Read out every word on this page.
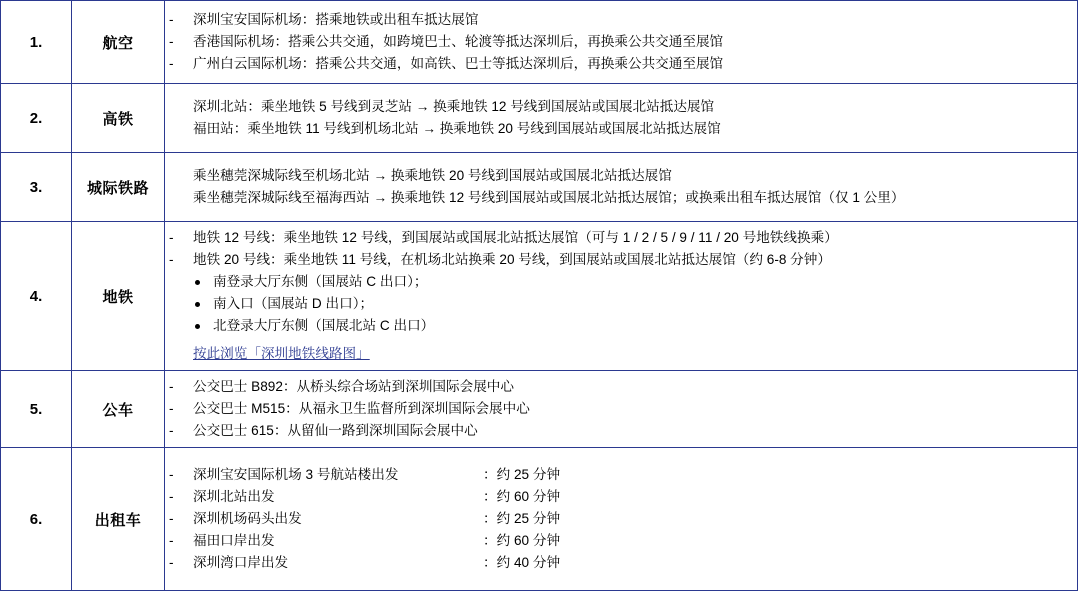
1.	航空	
- 深圳宝安国际机场：搭乘地铁或出租车抵达展馆
- 香港国际机场：搭乘公共交通，如跨境巴士、轮渡等抵达深圳后，再换乘公共交通至展馆
- 广州白云国际机场：搭乘公共交通，如高铁、巴士等抵达深圳后，再换乘公共交通至展馆

2.	高铁	
深圳北站：乘坐地铁 5 号线到灵芝站 → 换乘地铁 12 号线到国展站或国展北站抵达展馆
福田站：乘坐地铁 11 号线到机场北站 → 换乘地铁 20 号线到国展站或国展北站抵达展馆

3.	城际铁路	
乘坐穗莞深城际线至机场北站 → 换乘地铁 20 号线到国展站或国展北站抵达展馆
乘坐穗莞深城际线至福海西站 → 换乘地铁 12 号线到国展站或国展北站抵达展馆；或换乘出租车抵达展馆（仅 1 公里）

4.	地铁	
- 地铁 12 号线：乘坐地铁 12 号线，到国展站或国展北站抵达展馆（可与 1 / 2 / 5 / 9 / 11 / 20 号地铁线换乘）
- 地铁 20 号线：乘坐地铁 11 号线，在机场北站换乘 20 号线，到国展站或国展北站抵达展馆（约 6-8 分钟）
南登录大厅东侧（国展站 C 出口）；
南入口（国展站 D 出口）；
北登录大厅东侧（国展北站 C 出口）
按此浏览「深圳地铁线路图」
5.	公车	
- 公交巴士 B892：从桥头综合场站到深圳国际会展中心
- 公交巴士 M515：从福永卫生监督所到深圳国际会展中心
- 公交巴士 615：从留仙一路到深圳国际会展中心

6.	出租车	
- 深圳宝安国际机场 3 号航站楼出发	：约 25 分钟
- 深圳北站出发	：约 60 分钟
- 深圳机场码头出发	：约 25 分钟
- 福田口岸出发	：约 60 分钟
- 深圳湾口岸出发	：约 40 分钟
